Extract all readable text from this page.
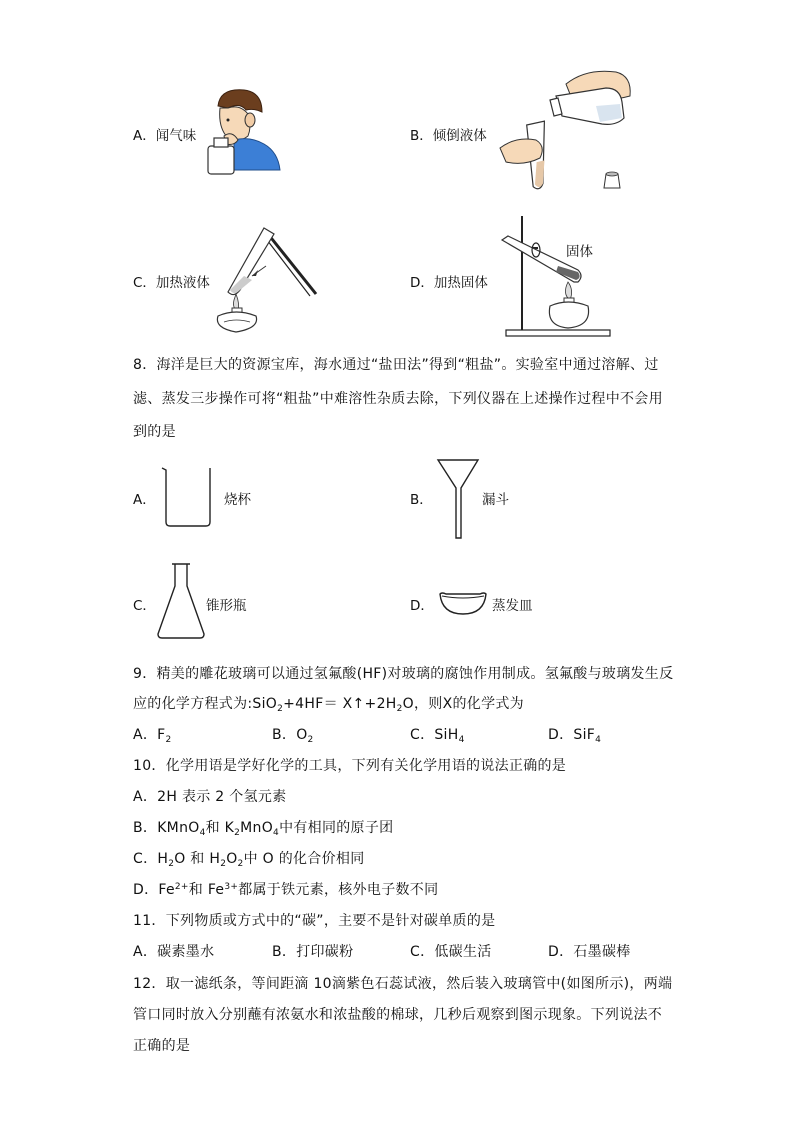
A．闻气味	B．倾倒液体
C．加热液体	D．加热固体
固体
8．海洋是巨大的资源宝库，海水通过“盐田法”得到“粗盐”。实验室中通过溶解、过
滤、蒸发三步操作可将“粗盐”中难溶性杂质去除，下列仪器在上述操作过程中不会用
到的是
A．	烧杯	B．	漏斗
C．	锥形瓶	D．	蒸发皿
9．精美的雕花玻璃可以通过氢氟酸(HF)对玻璃的腐蚀作用制成。氢氟酸与玻璃发生反
应的化学方程式为:SiO$_2$+4HF＝ $X↑+2H_2O$，则X的化学式为
A．$F_2$	B．$O_2$	C．SiH$_4$	D．SiF$_4$
10．化学用语是学好化学的工具，下列有关化学用语的说法正确的是
A．2H 表示 2 个氢元素
B．KMnO$_4$和 $K_2MnO_4$中有相同的原子团
C．$H_2O$ 和 $H_2O_2$中 O 的化合价相同
D．$Fe^{2+}$和 $Fe^{3+}$都属于铁元素，核外电子数不同
11．下列物质或方式中的“碳”，主要不是针对碳单质的是
A．碳素墨水	B．打印碳粉	C．低碳生活	D．石墨碳棒
12．取一滤纸条，等间距滴 10滴紫色石蕊试液，然后装入玻璃管中(如图所示)，两端
管口同时放入分别蘸有浓氨水和浓盐酸的棉球，几秒后观察到图示现象。下列说法不
正确的是
